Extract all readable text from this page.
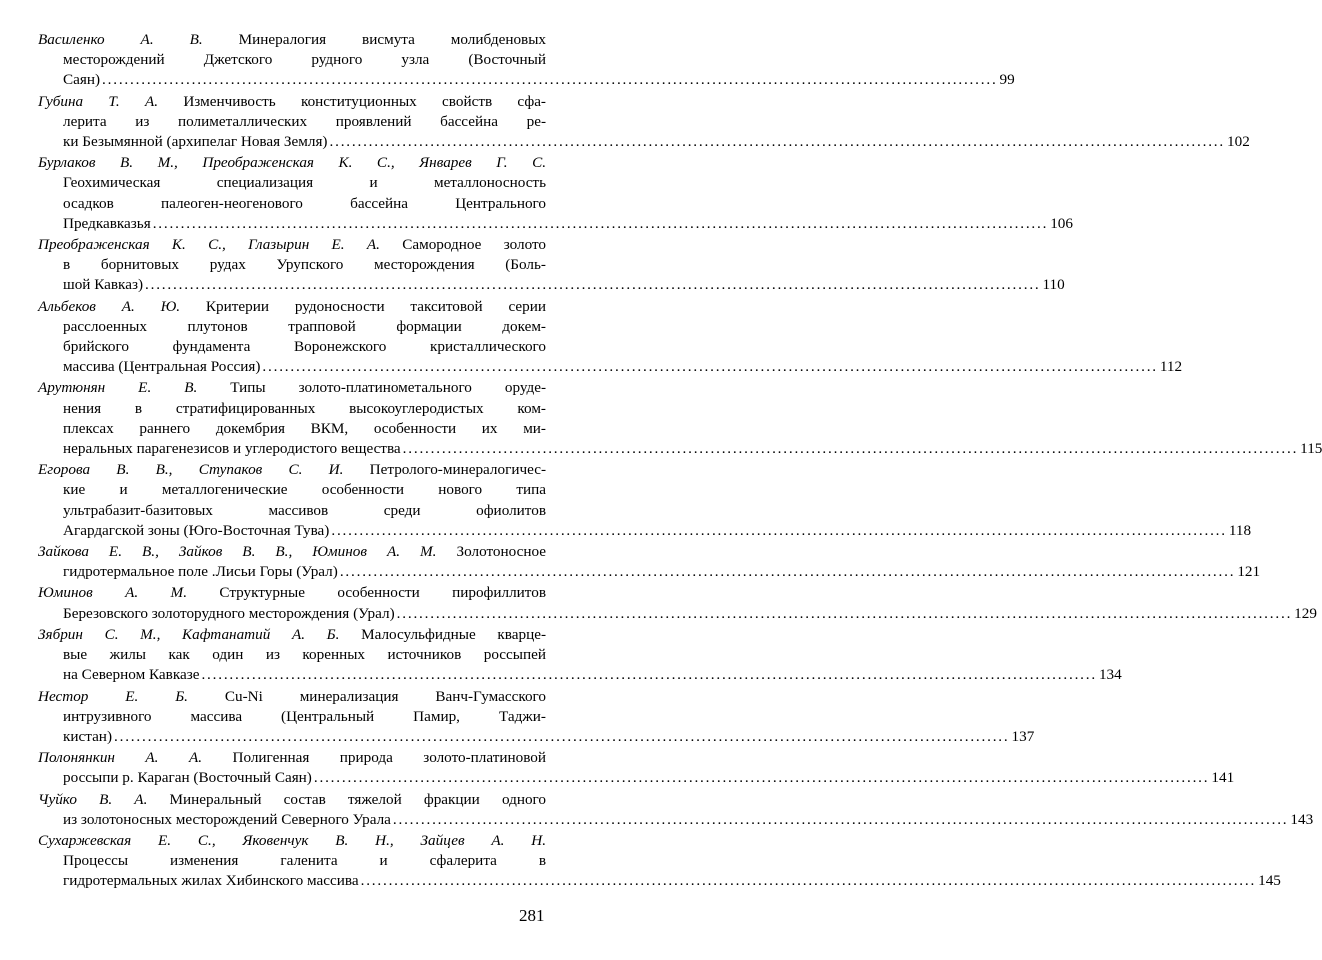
Василенко А. В. Минералогия висмута молибденовых
месторождений Джетского рудного узла (Восточный
Саян) ................................................................................................................................................................ 99
Губина Т. А. Изменчивость конституционных свойств сфа-
лерита из полиметаллических проявлений бассейна ре-
ки Безымянной (архипелаг Новая Земля) ................................................................................................................................................................ 102
Бурлаков В. М., Преображенская К. С., Январев Г. С.
Геохимическая специализация и металлоносность
осадков палеоген-неогенового бассейна Центрального
Предкавказья ................................................................................................................................................................ 106
Преображенская К. С., Глазырин Е. А. Самородное золото
в борнитовых рудах Урупского месторождения (Боль-
шой Кавказ) ................................................................................................................................................................ 110
Альбеков А. Ю. Критерии рудоносности такситовой серии
расслоенных плутонов трапповой формации докем-
брийского фундамента Воронежского кристаллического
массива (Центральная Россия) ................................................................................................................................................................ 112
Арутюнян Е. В. Типы золото-платинометального оруде-
нения в стратифицированных высокоуглеродистых ком-
плексах раннего докембрия ВКМ, особенности их ми-
неральных парагенезисов и углеродистого вещества ................................................................................................................................................................ 115
Егорова В. В., Ступаков С. И. Петролого-минералогичес-
кие и металлогенические особенности нового типа
ультрабазит-базитовых массивов среди офиолитов
Агардагской зоны (Юго-Восточная Тува) ................................................................................................................................................................ 118
Зайкова Е. В., Зайков В. В., Юминов А. М. Золотоносное
гидротермальное поле .Лисьи Горы (Урал) ................................................................................................................................................................ 121
Юминов А. М. Структурные особенности пирофиллитов
Березовского золоторудного месторождения (Урал) ................................................................................................................................................................ 129
Зябрин С. М., Кафтанатий А. Б. Малосульфидные кварце-
вые жилы как один из коренных источников россыпей
на Северном Кавказе ................................................................................................................................................................ 134
Нестор Е. Б. Cu-Ni минерализация Ванч-Гумасского
интрузивного массива (Центральный Памир, Таджи-
кистан) ................................................................................................................................................................ 137
Полонянкин А. А. Полигенная природа золото-платиновой
россыпи р. Караган (Восточный Саян) ................................................................................................................................................................ 141
Чуйко В. А. Минеральный состав тяжелой фракции одного
из золотоносных месторождений Северного Урала ................................................................................................................................................................ 143
Сухаржевская Е. С., Яковенчук В. Н., Зайцев А. Н.
Процессы изменения галенита и сфалерита в
гидротермальных жилах Хибинского массива ................................................................................................................................................................ 145
281
